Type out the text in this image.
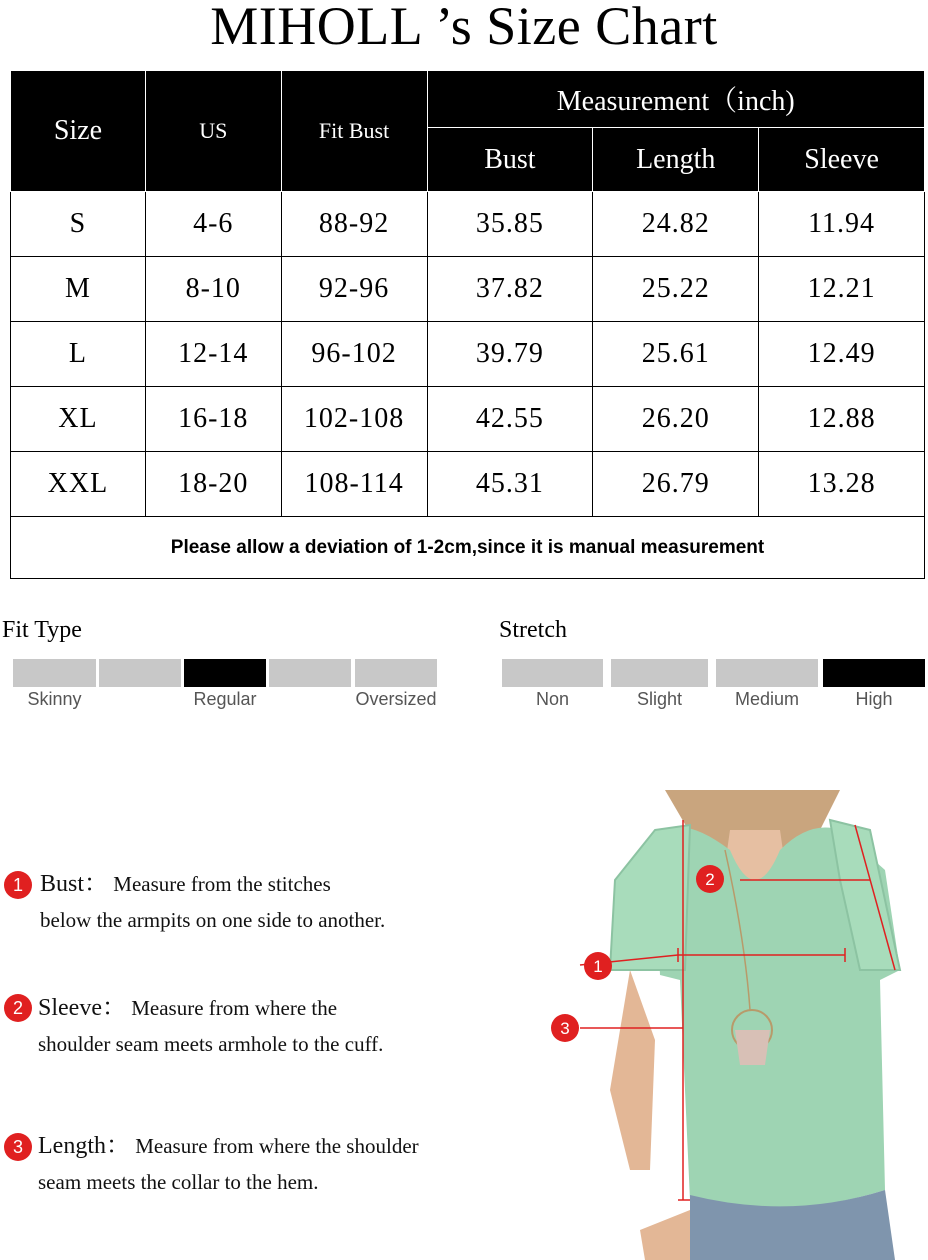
MIHOLL ’s Size Chart
Size	US	Fit Bust	Measurement（inch)		
			Bust	Length	Sleeve
S	4-6	88-92	35.85	24.82	11.94
M	8-10	92-96	37.82	25.22	12.21
L	12-14	96-102	39.79	25.61	12.49
XL	16-18	102-108	42.55	26.20	12.88
XXL	18-20	108-114	45.31	26.79	13.28
Please allow a deviation of 1-2cm,since it is manual measurement					
Fit Type
Skinny	Regular	Oversized
Stretch
Non	Slight	Medium	High
1 Bust： Measure from the stitches
below the armpits on one side to another.
2 Sleeve： Measure from where the
shoulder seam meets armhole to the cuff.
3 Length： Measure from where the shoulder
seam meets the collar to the hem.
1
2
3
